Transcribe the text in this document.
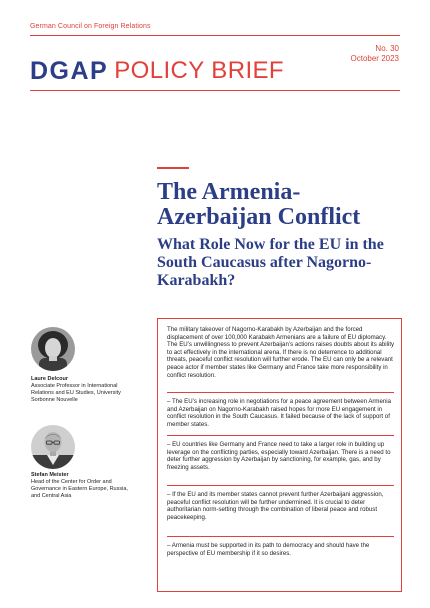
German Council on Foreign Relations
No. 30
October 2023
DGAP POLICY BRIEF
The Armenia-Azerbaijan Conflict
What Role Now for the EU in the South Caucasus after Nagorno-Karabakh?
Laure Delcour
Associate Professor in International Relations and EU Studies, University Sorbonne Nouvelle
Stefan Meister
Head of the Center for Order and Governance in Eastern Europe, Russia, and Central Asia

The military takeover of Nagorno-Karabakh by Azerbaijan and the forced displacement of over 100,000 Karabakh Armenians are a failure of EU diplomacy. The EU’s unwillingness to prevent Azerbaijan’s actions raises doubts about its ability to act effectively in the international arena. If there is no deterrence to additional threats, peaceful conflict resolution will further erode. The EU can only be a relevant peace actor if member states like Germany and France take more responsibility in conflict resolution.

– The EU’s increasing role in negotiations for a peace agreement between Armenia and Azerbaijan on Nagorno-Karabakh raised hopes for more EU engagement in conflict resolution in the South Caucasus. It failed because of the lack of support of member states.

– EU countries like Germany and France need to take a larger role in building up leverage on the conflicting parties, especially toward Azerbaijan. There is a need to deter further aggression by Azerbaijan by sanctioning, for example, gas, and by freezing assets.

– If the EU and its member states cannot prevent further Azerbaijani aggression, peaceful conflict resolution will be further undermined. It is crucial to deter authoritarian norm-setting through the combination of liberal peace and robust peacekeeping.

– Armenia must be supported in its path to democracy and should have the perspective of EU membership if it so desires.
